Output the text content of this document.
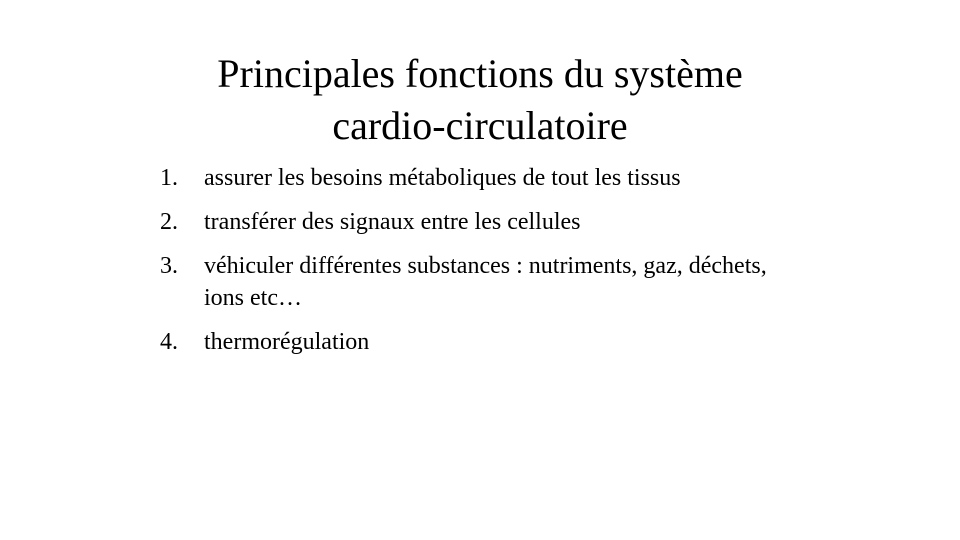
Principales fonctions du système
cardio-circulatoire
1. assurer les besoins métaboliques de tout les tissus
2. transférer des signaux entre les cellules
3. véhiculer différentes substances : nutriments, gaz, déchets, ions etc…
4. thermorégulation
